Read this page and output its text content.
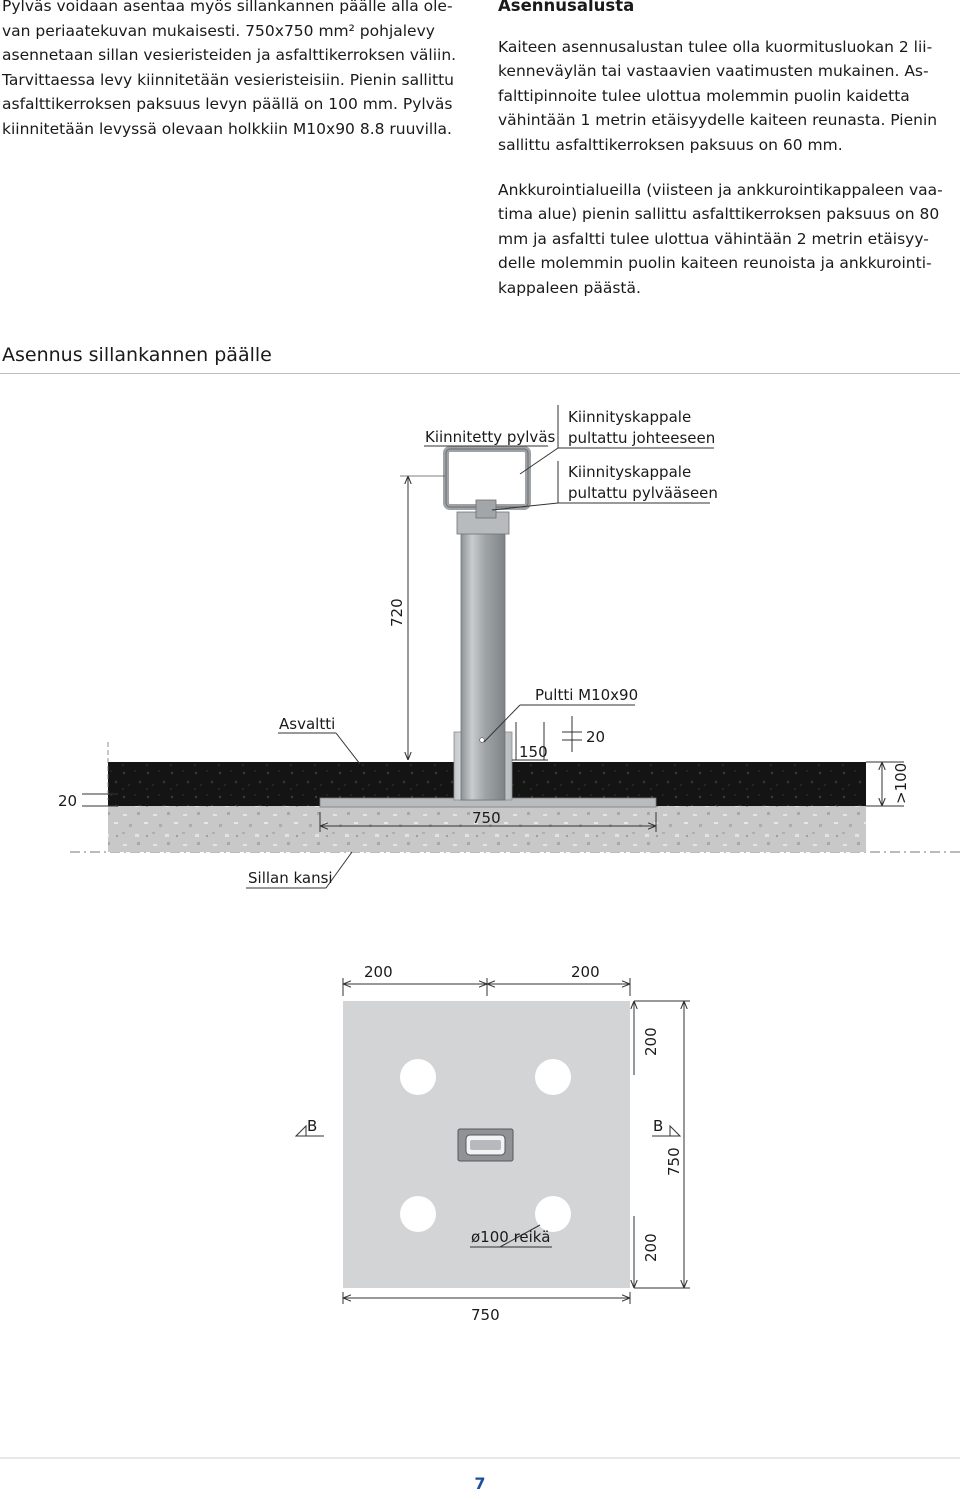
Pylväs voidaan asentaa myös sillankannen päälle alla ole-

van periaatekuvan mukaisesti. 750x750 mm² pohjalevy

asennetaan sillan vesieristeiden ja asfalttikerroksen väliin.

Tarvittaessa levy kiinnitetään vesieristeisiin. Pienin sallittu

asfalttikerroksen paksuus levyn päällä on 100 mm. Pylväs

kiinnitetään levyssä olevaan holkkiin M10x90 8.8 ruuvilla.

Asennusalusta

Kaiteen asennusalustan tulee olla kuormitusluokan 2 lii-

kenneväylän tai vastaavien vaatimusten mukainen. As-

falttipinnoite tulee ulottua molemmin puolin kaidetta

vähintään 1 metrin etäisyydelle kaiteen reunasta. Pienin

sallittu asfalttikerroksen paksuus on 60 mm.

Ankkurointialueilla (viisteen ja ankkurointikappaleen vaa-

tima alue) pienin sallittu asfalttikerroksen paksuus on 80

mm ja asfaltti tulee ulottua vähintään 2 metrin etäisyy-

delle molemmin puolin kaiteen reunoista ja ankkurointi-

kappaleen päästä.

Asennus sillankannen päälle
720
Kiinnitetty pylväs
Kiinnityskappale
pultattu johteeseen
Kiinnityskappale
pultattu pylvääseen
Pultti M10x90
150
20
Asvaltti
20	>100
750
Sillan kansi
200	200
750
200
200
B	B
ø100 reikä
750
7
